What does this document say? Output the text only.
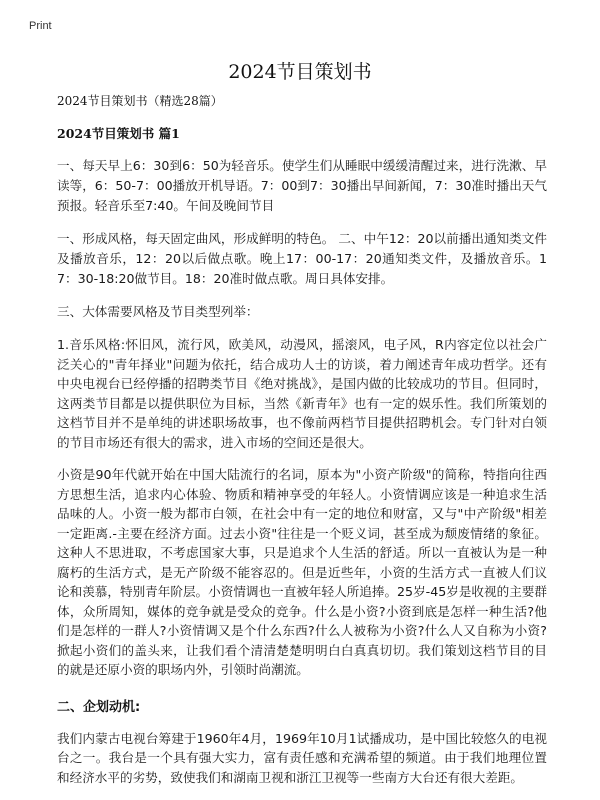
Print
2024节目策划书

2024节目策划书（精选28篇）

2024节目策划书 篇1

一、每天早上6：30到6：50为轻音乐。使学生们从睡眠中缓缓清醒过来，进行洗漱、早读等，6：50-7：00播放开机导语。7：00到7：30播出早间新闻，7：30准时播出天气预报。轻音乐至7:40。午间及晚间节目

一、形成风格，每天固定曲风，形成鲜明的特色。 二、中午12：20以前播出通知类文件及播放音乐，12：20以后做点歌。晚上17：00-17：20通知类文件，及播放音乐。17：30-18:20做节目。18：20准时做点歌。周日具体安排。

三、大体需要风格及节目类型列举：

1.音乐风格:怀旧风，流行风，欧美风，动漫风，摇滚风，电子风，R内容定位以社会广泛关心的"青年择业"问题为依托，结合成功人士的访谈，着力阐述青年成功哲学。还有中央电视台已经停播的招聘类节目《绝对挑战》，是国内做的比较成功的节目。但同时，这两类节目都是以提供职位为目标，当然《新青年》也有一定的娱乐性。我们所策划的这档节目并不是单纯的讲述职场故事，也不像前两档节目提供招聘机会。专门针对白领的节目市场还有很大的需求，进入市场的空间还是很大。

小资是90年代就开始在中国大陆流行的名词，原本为"小资产阶级"的简称，特指向往西方思想生活，追求内心体验、物质和精神享受的年轻人。小资情调应该是一种追求生活品味的人。小资一般为都市白领，在社会中有一定的地位和财富，又与"中产阶级"相差一定距离.-主要在经济方面。过去小资"往往是一个贬义词，甚至成为颓废情绪的象征。这种人不思进取，不考虑国家大事，只是追求个人生活的舒适。所以一直被认为是一种腐朽的生活方式，是无产阶级不能容忍的。但是近些年，小资的生活方式一直被人们议论和羡慕，特别青年阶层。小资情调也一直被年轻人所追捧。25岁-45岁是收视的主要群体，众所周知，媒体的竞争就是受众的竞争。什么是小资?小资到底是怎样一种生活?他们是怎样的一群人?小资情调又是个什么东西?什么人被称为小资?什么人又自称为小资?掀起小资们的盖头来，让我们看个清清楚楚明明白白真真切切。我们策划这档节目的目的就是还原小资的职场内外，引领时尚潮流。

二、企划动机:

我们内蒙古电视台筹建于1960年4月，1969年10月1试播成功，是中国比较悠久的电视台之一。我台是一个具有强大实力，富有责任感和充满希望的频道。由于我们地理位置和经济水平的劣势，致使我们和湖南卫视和浙江卫视等一些南方大台还有很大差距。
